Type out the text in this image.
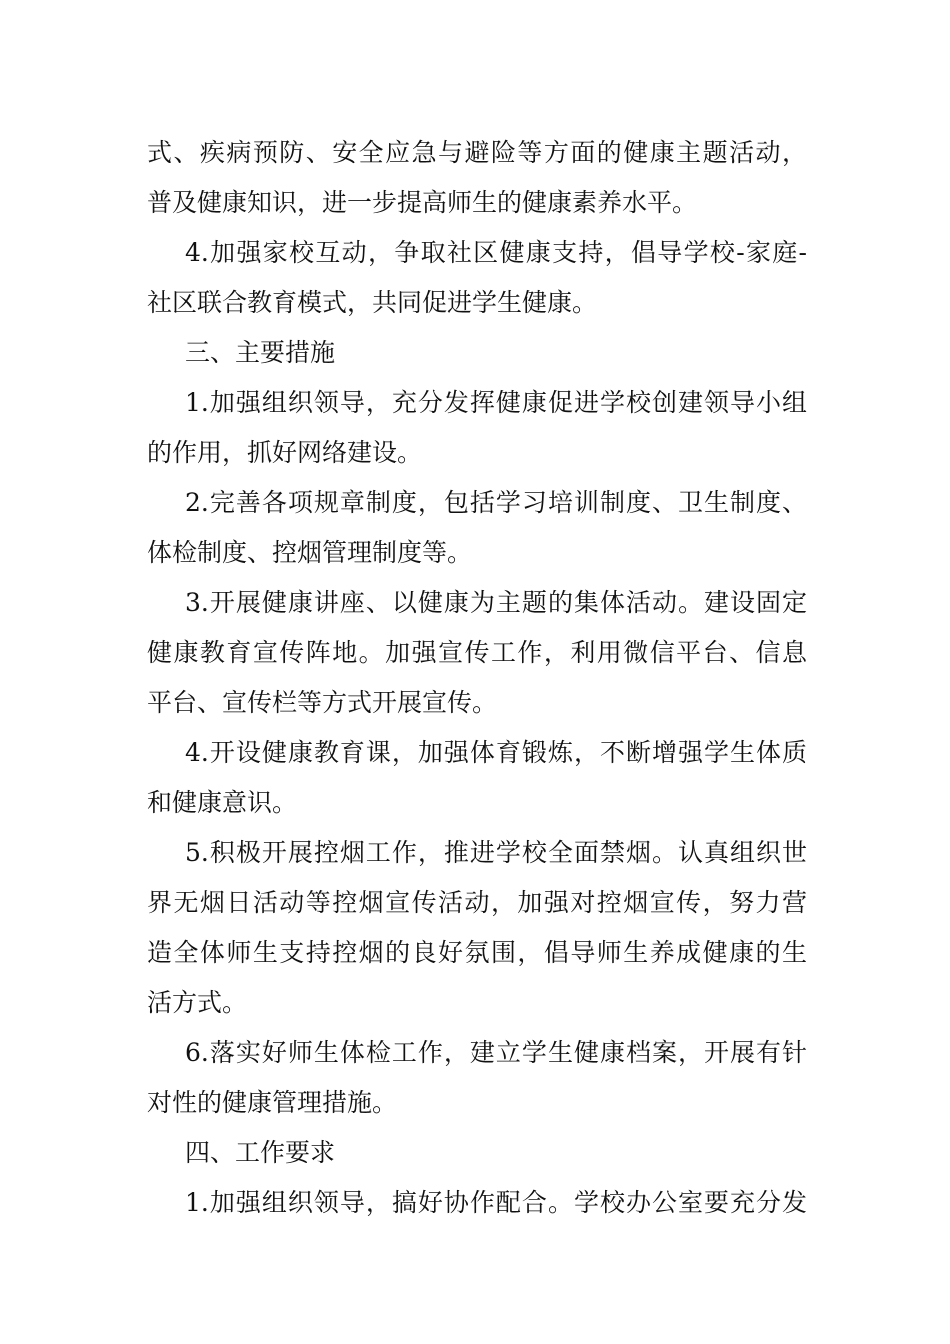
式、疾病预防、安全应急与避险等方面的健康主题活动，
普及健康知识，进一步提高师生的健康素养水平。
4.加强家校互动，争取社区健康支持，倡导学校-家庭-
社区联合教育模式，共同促进学生健康。
三、主要措施
1.加强组织领导，充分发挥健康促进学校创建领导小组
的作用，抓好网络建设。
2.完善各项规章制度，包括学习培训制度、卫生制度、
体检制度、控烟管理制度等。
3.开展健康讲座、以健康为主题的集体活动。建设固定
健康教育宣传阵地。加强宣传工作，利用微信平台、信息
平台、宣传栏等方式开展宣传。
4.开设健康教育课，加强体育锻炼，不断增强学生体质
和健康意识。
5.积极开展控烟工作，推进学校全面禁烟。认真组织世
界无烟日活动等控烟宣传活动，加强对控烟宣传，努力营
造全体师生支持控烟的良好氛围，倡导师生养成健康的生
活方式。
6.落实好师生体检工作，建立学生健康档案，开展有针
对性的健康管理措施。
四、工作要求
1.加强组织领导，搞好协作配合。学校办公室要充分发
